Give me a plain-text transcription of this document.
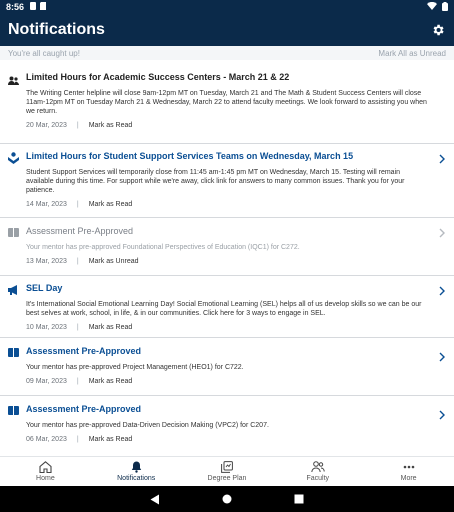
8:56
Notifications
You're all caught up!	Mark All as Unread
Limited Hours for Academic Success Centers - March 21 & 22
The Writing Center helpline will close 9am-12pm MT on Tuesday, March 21 and The Math & Student Success Centers will close 11am-12pm MT on Tuesday March 21 & Wednesday, March 22 to attend faculty meetings. We look forward to assisting you when we return.
20 Mar, 2023 | Mark as Read
Limited Hours for Student Support Services Teams on Wednesday, March 15
Student Support Services will temporarily close from 11:45 am-1:45 pm MT on Wednesday, March 15. Testing will remain available during this time. For support while we're away, click link for answers to many common issues. Thank you for your patience.
14 Mar, 2023 | Mark as Read
Assessment Pre-Approved
Your mentor has pre-approved Foundational Perspectives of Education (IQC1) for C272.
13 Mar, 2023 | Mark as Unread
SEL Day
It's International Social Emotional Learning Day! Social Emotional Learning (SEL) helps all of us develop skills so we can be our best selves at work, school, in life, & in our communities. Click here for 3 ways to engage in SEL.
10 Mar, 2023 | Mark as Read
Assessment Pre-Approved
Your mentor has pre-approved Project Management (HEO1) for C722.
09 Mar, 2023 | Mark as Read
Assessment Pre-Approved
Your mentor has pre-approved Data-Driven Decision Making (VPC2) for C207.
06 Mar, 2023 | Mark as Read
Home	Notifications	Degree Plan	Faculty	More
